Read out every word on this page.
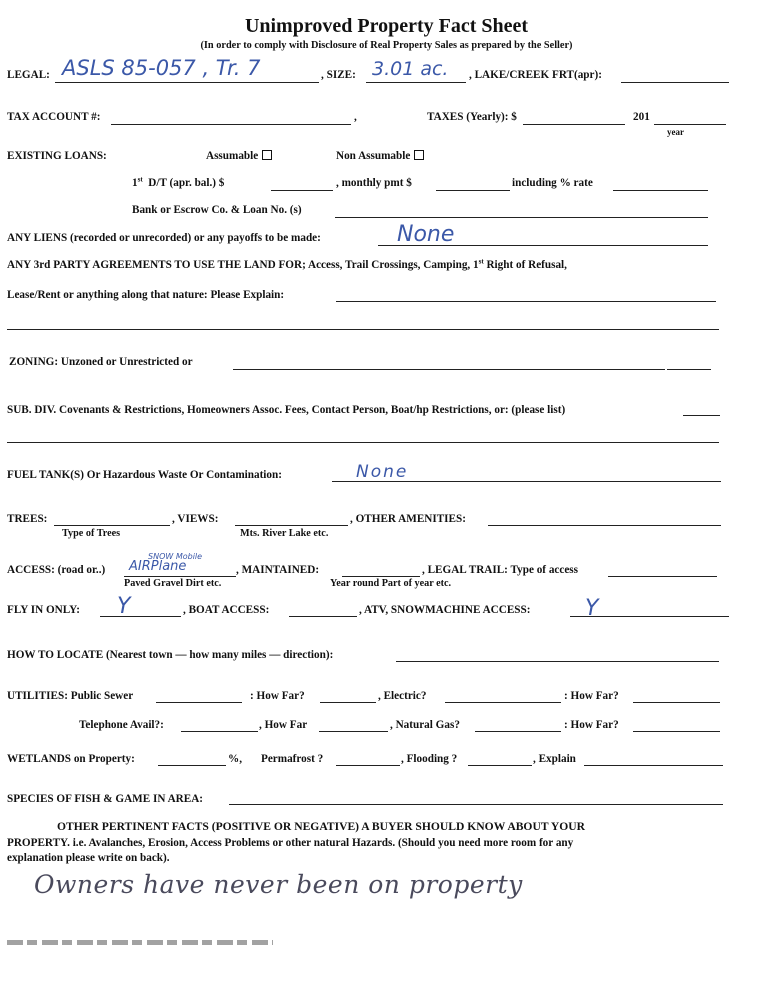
Unimproved Property Fact Sheet
(In order to comply with Disclosure of Real Property Sales as prepared by the Seller)
LEGAL: ASLS 85-057 , Tr. 7	, SIZE: 3.01 ac. , LAKE/CREEK FRT(apr):
TAX ACCOUNT #:	,	TAXES (Yearly): $	201
year
EXISTING LOANS:	Assumable	Non Assumable
1st D/T (apr. bal.) $	, monthly pmt $	including % rate
Bank or Escrow Co. & Loan No. (s)
ANY LIENS (recorded or unrecorded) or any payoffs to be made:	None
ANY 3rd PARTY AGREEMENTS TO USE THE LAND FOR; Access, Trail Crossings, Camping, 1st Right of Refusal,
Lease/Rent or anything along that nature: Please Explain:
ZONING: Unzoned or Unrestricted or
SUB. DIV. Covenants & Restrictions, Homeowners Assoc. Fees, Contact Person, Boat/hp Restrictions, or: (please list)
FUEL TANK(S) Or Hazardous Waste Or Contamination:	None
TREES:
Type of Trees
, VIEWS:
Mts. River Lake etc.
, OTHER AMENITIES:
ACCESS: (road or..)
SNOW Mobile
AIRPlane
Paved Gravel Dirt etc.
, MAINTAINED:
Year round Part of year etc.
, LEGAL TRAIL: Type of access
FLY IN ONLY: Y	, BOAT ACCESS:	, ATV, SNOWMACHINE ACCESS: Y
HOW TO LOCATE (Nearest town — how many miles — direction):
UTILITIES: Public Sewer	: How Far?	, Electric?	: How Far?
Telephone Avail?:	, How Far	, Natural Gas?	: How Far?
WETLANDS on Property:	%, Permafrost ?	, Flooding ?	, Explain
SPECIES OF FISH & GAME IN AREA:
OTHER PERTINENT FACTS (POSITIVE OR NEGATIVE) A BUYER SHOULD KNOW ABOUT YOUR
PROPERTY. i.e. Avalanches, Erosion, Access Problems or other natural Hazards. (Should you need more room for any
explanation please write on back).
Owners have never been on property
